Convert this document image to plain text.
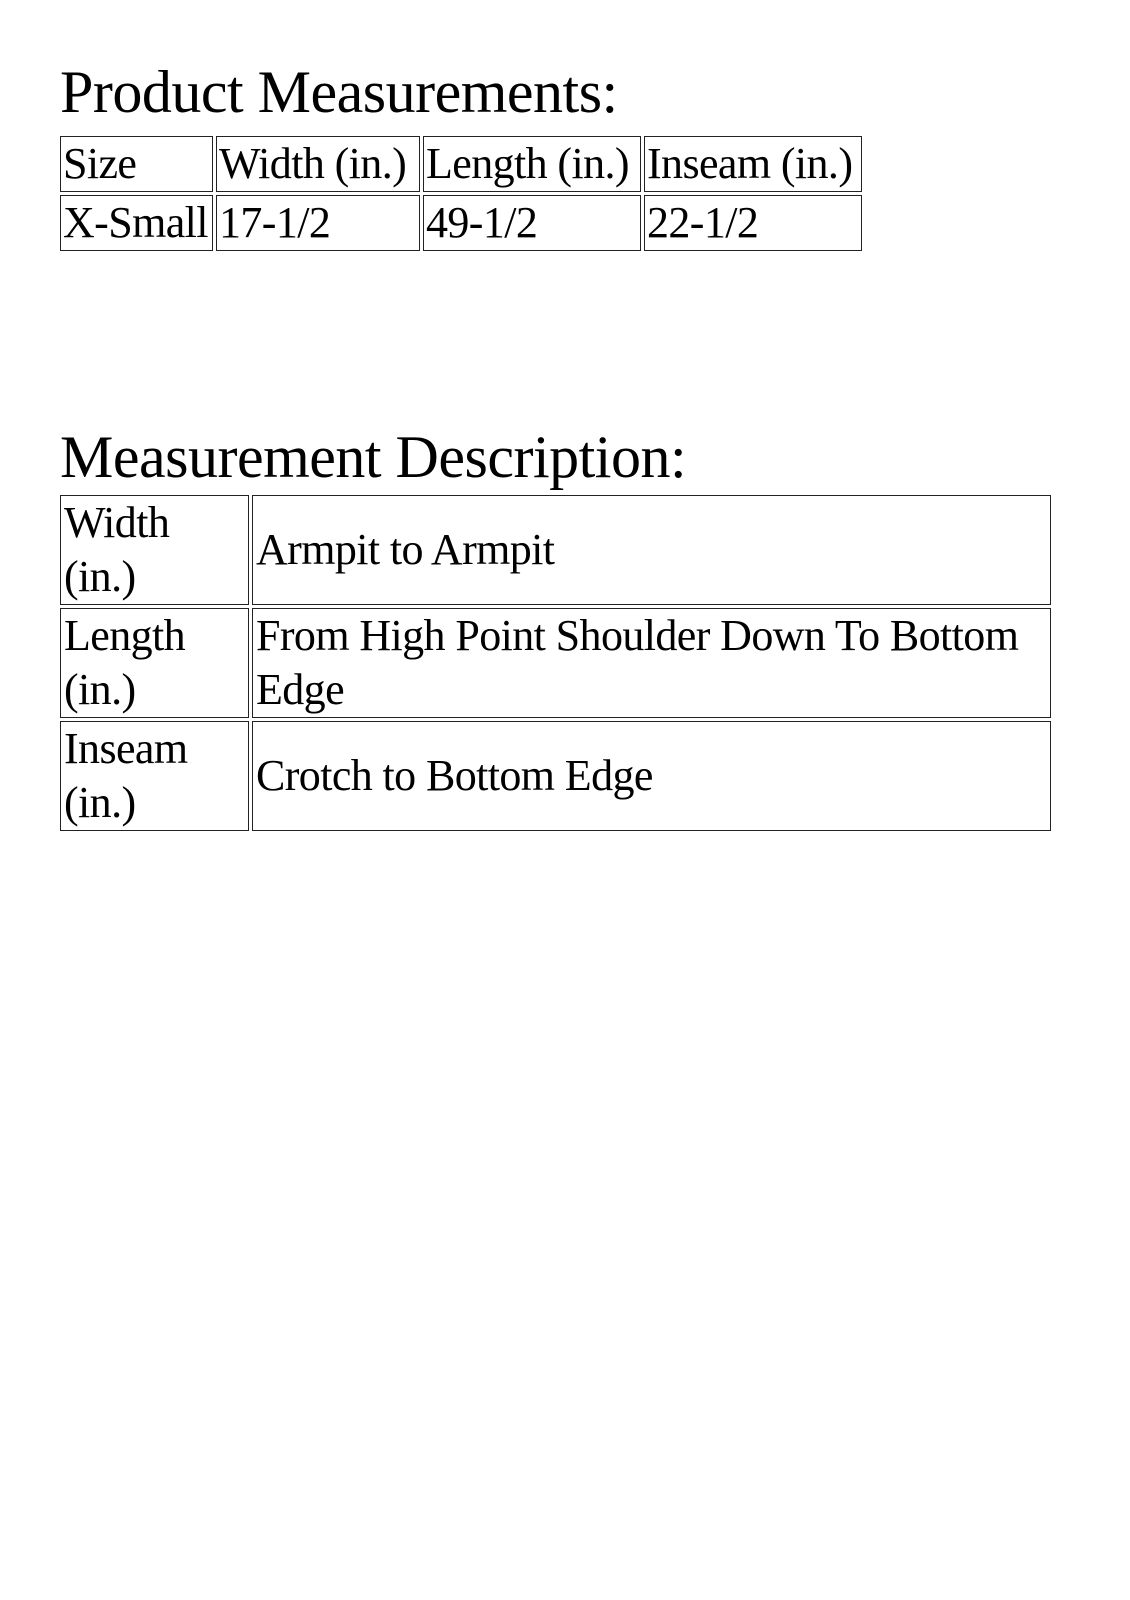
Product Measurements:
Size	Width (in.)	Length (in.)	Inseam (in.)
X-Small	17-1/2	49-1/2	22-1/2
Measurement Description:
Width (in.)	Armpit to Armpit
Length (in.)	From High Point Shoulder Down To Bottom Edge
Inseam (in.)	Crotch to Bottom Edge
